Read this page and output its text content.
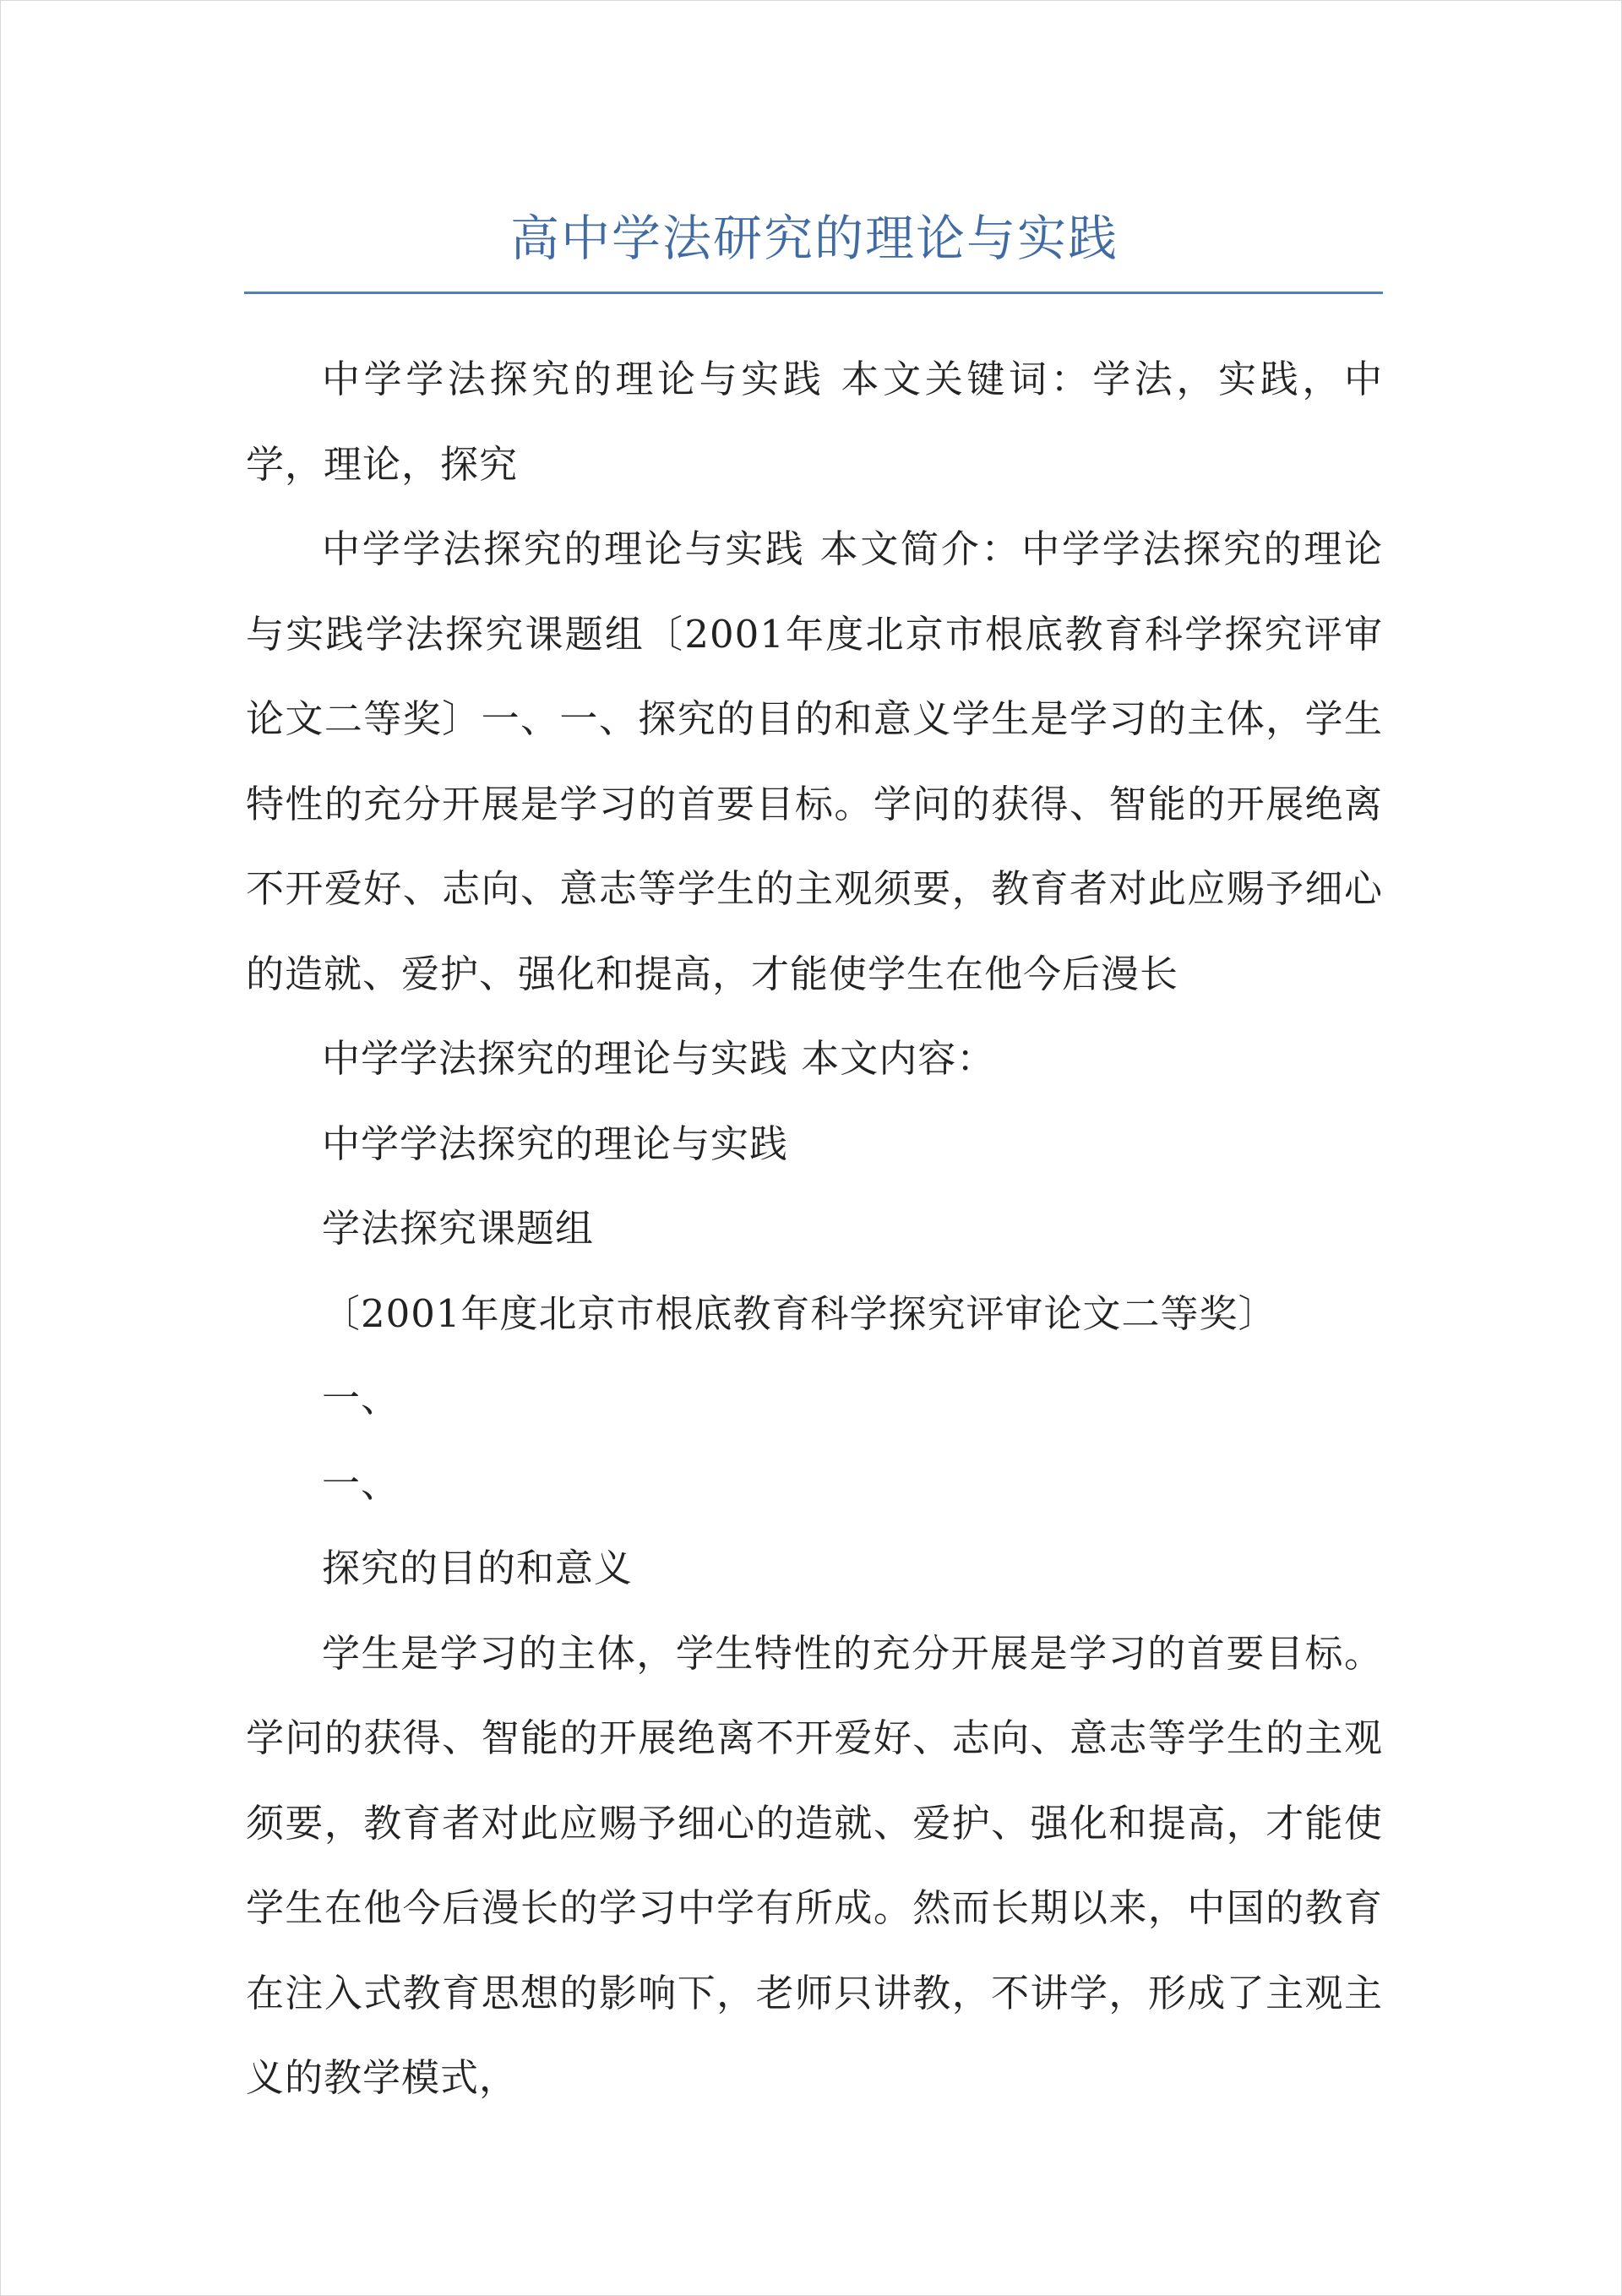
高中学法研究的理论与实践

中学学法探究的理论与实践 本文关键词：学法，实践，中学，理论，探究

中学学法探究的理论与实践 本文简介：中学学法探究的理论与实践学法探究课题组〔2001年度北京市根底教育科学探究评审论文二等奖〕一、一、探究的目的和意义学生是学习的主体，学生特性的充分开展是学习的首要目标。学问的获得、智能的开展绝离不开爱好、志向、意志等学生的主观须要，教育者对此应赐予细心的造就、爱护、强化和提高，才能使学生在他今后漫长

中学学法探究的理论与实践 本文内容：

中学学法探究的理论与实践

学法探究课题组

〔2001年度北京市根底教育科学探究评审论文二等奖〕

一、

一、

探究的目的和意义

学生是学习的主体，学生特性的充分开展是学习的首要目标。学问的获得、智能的开展绝离不开爱好、志向、意志等学生的主观须要，教育者对此应赐予细心的造就、爱护、强化和提高，才能使学生在他今后漫长的学习中学有所成。然而长期以来，中国的教育在注入式教育思想的影响下，老师只讲教，不讲学，形成了主观主义的教学模式，
